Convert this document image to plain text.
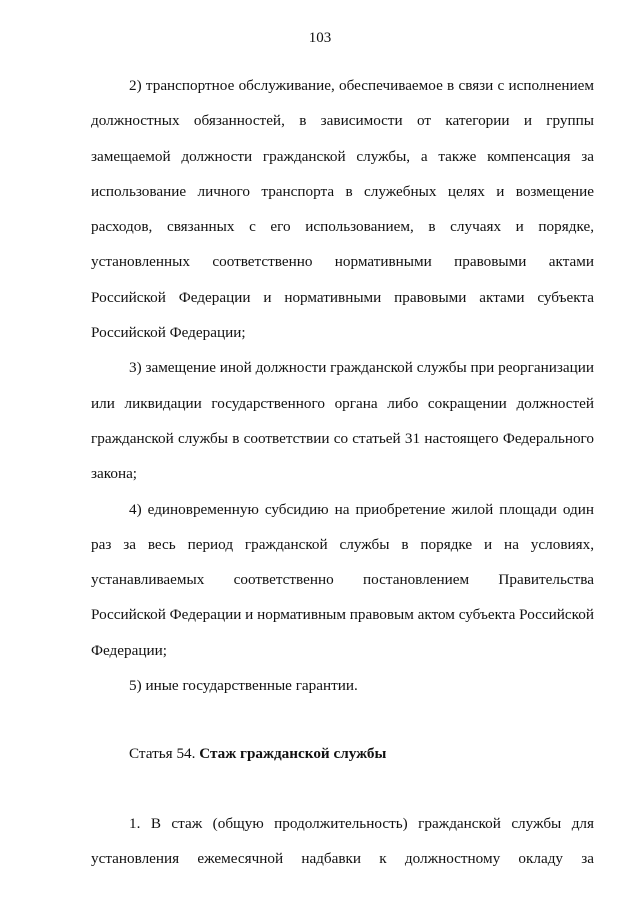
103

2) транспортное обслуживание, обеспечиваемое в связи с исполнением должностных обязанностей, в зависимости от категории и группы замещаемой должности гражданской службы, а также компенсация за использование личного транспорта в служебных целях и возмещение расходов, связанных с его использованием, в случаях и порядке, установленных соответственно нормативными правовыми актами Российской Федерации и нормативными правовыми актами субъекта Российской Федерации;

3) замещение иной должности гражданской службы при реорганизации или ликвидации государственного органа либо сокращении должностей гражданской службы в соответствии со статьей 31 настоящего Федерального закона;

4) единовременную субсидию на приобретение жилой площади один раз за весь период гражданской службы в порядке и на условиях, устанавливаемых соответственно постановлением Правительства Российской Федерации и нормативным правовым актом субъекта Российской Федерации;

5) иные государственные гарантии.

Статья 54. Стаж гражданской службы

1. В стаж (общую продолжительность) гражданской службы для установления ежемесячной надбавки к должностному окладу за
